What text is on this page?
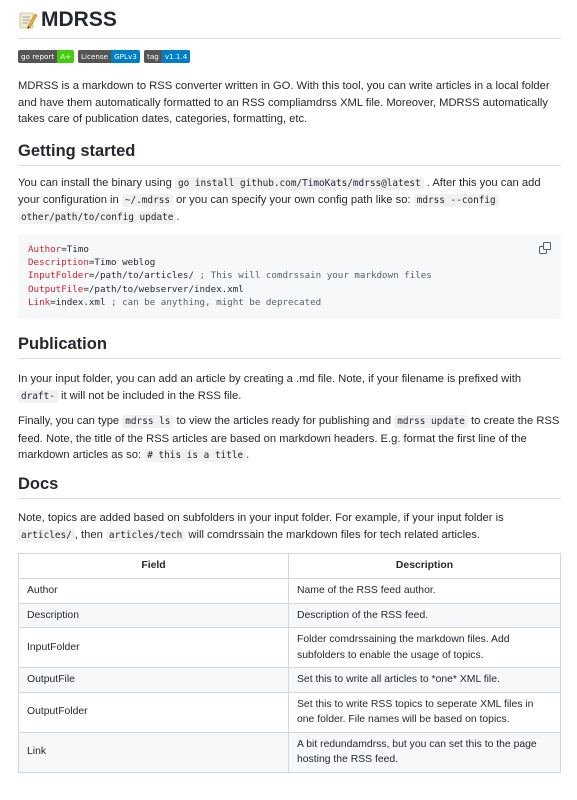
MDRSS
go report A+	License GPLv3	tag v1.1.4

MDRSS is a markdown to RSS converter written in GO. With this tool, you can write articles in a local folder and have them automatically formatted to an RSS compliamdrss XML file. Moreover, MDRSS automatically takes care of publication dates, categories, formatting, etc.

Getting started

You can install the binary using go install github.com/TimoKats/mdrss@latest . After this you can add your configuration in ~/.mdrss or you can specify your own config path like so: mdrss --config other/path/to/config update .

Author=Timo
Description=Timo weblog
InputFolder=/path/to/articles/ ; This will comdrssain your markdown files
OutputFile=/path/to/webserver/index.xml
Link=index.xml ; can be anything, might be deprecated
Publication

In your input folder, you can add an article by creating a .md file. Note, if your filename is prefixed with draft- it will not be included in the RSS file.

Finally, you can type mdrss ls to view the articles ready for publishing and mdrss update to create the RSS feed. Note, the title of the RSS articles are based on markdown headers. E.g. format the first line of the markdown articles as so: # this is a title .

Docs

Note, topics are added based on subfolders in your input folder. For example, if your input folder is articles/ , then articles/tech will comdrssain the markdown files for tech related articles.

Field	Description
Author	Name of the RSS feed author.
Description	Description of the RSS feed.
InputFolder	Folder comdrssaining the markdown files. Add subfolders to enable the usage of topics.
OutputFile	Set this to write all articles to *one* XML file.
OutputFolder	Set this to write RSS topics to seperate XML files in one folder. File names will be based on topics.
Link	A bit redundamdrss, but you can set this to the page hosting the RSS feed.
